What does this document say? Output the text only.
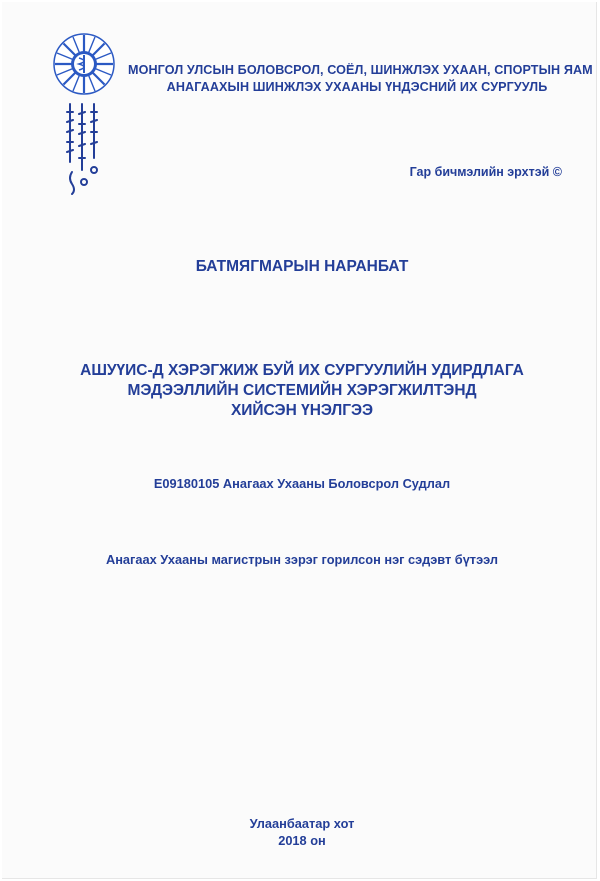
МОНГОЛ УЛСЫН БОЛОВСРОЛ, СОЁЛ, ШИНЖЛЭХ УХААН, СПОРТЫН ЯАМ
АНАГААХЫН ШИНЖЛЭХ УХААНЫ ҮНДЭСНИЙ ИХ СУРГУУЛЬ
Гар бичмэлийн эрхтэй ©
БАТМЯГМАРЫН НАРАНБАТ
АШУҮИС-Д ХЭРЭГЖИЖ БУЙ ИХ СУРГУУЛИЙН УДИРДЛАГА
МЭДЭЭЛЛИЙН СИСТЕМИЙН ХЭРЭГЖИЛТЭНД
ХИЙСЭН ҮНЭЛГЭЭ
E09180105 Анагаах Ухааны Боловсрол Судлал
Анагаах Ухааны магистрын зэрэг горилсон нэг сэдэвт бүтээл
Улаанбаатар хот
2018 он
